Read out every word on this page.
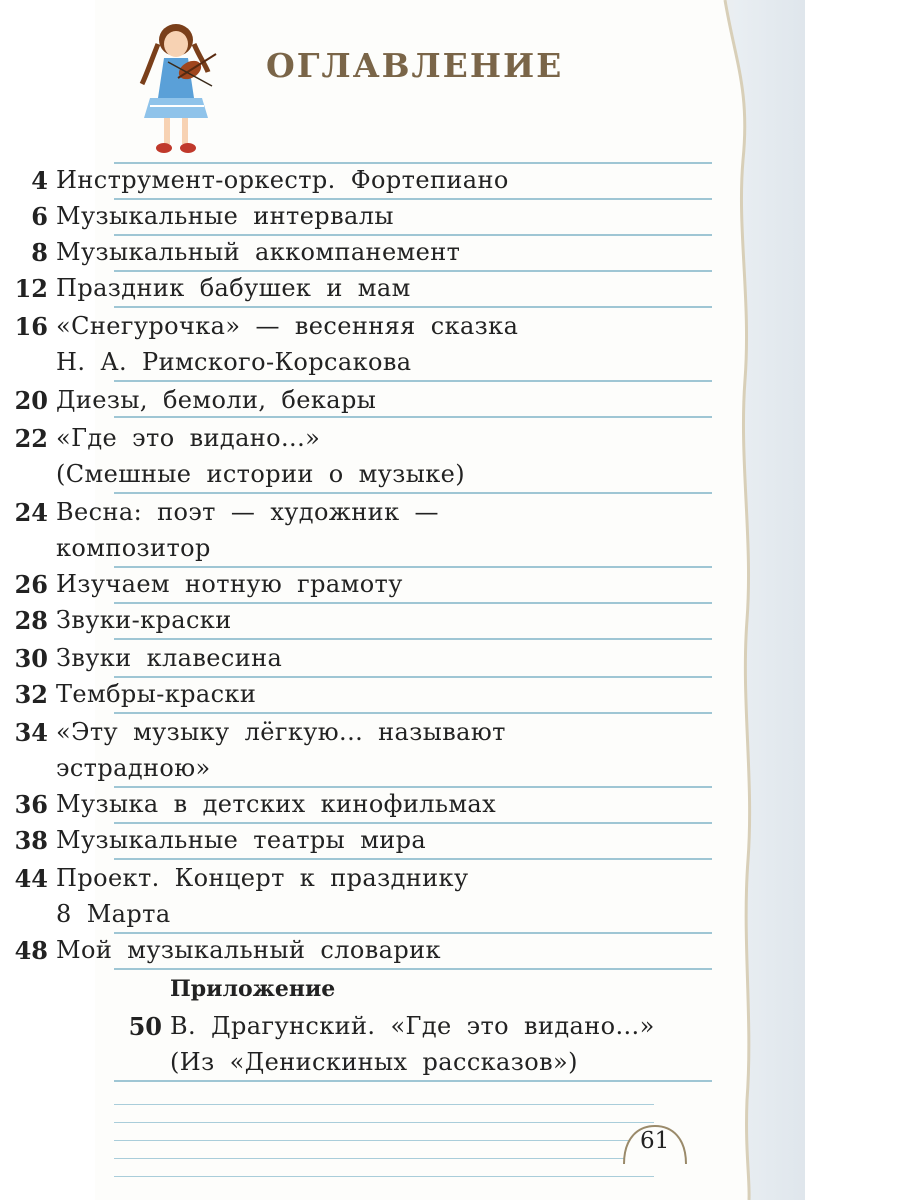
ОГЛАВЛЕНИЕ
4 Инструмент-оркестр. Фортепиано
6 Музыкальные интервалы
8 Музыкальный аккомпанемент
12 Праздник бабушек и мам
16 «Снегурочка» — весенняя сказка
Н. А. Римского-Корсакова
20 Диезы, бемоли, бекары
22 «Где это видано...»
(Смешные истории о музыке)
24 Весна: поэт — художник —
композитор
26 Изучаем нотную грамоту
28 Звуки-краски
30 Звуки клавесина
32 Тембры-краски
34 «Эту музыку лёгкую... называют
эстрадною»
36 Музыка в детских кинофильмах
38 Музыкальные театры мира
44 Проект. Концерт к празднику
8 Марта
48 Мой музыкальный словарик
Приложение
50 В. Драгунский. «Где это видано...»
(Из «Денискиных рассказов»)
61
